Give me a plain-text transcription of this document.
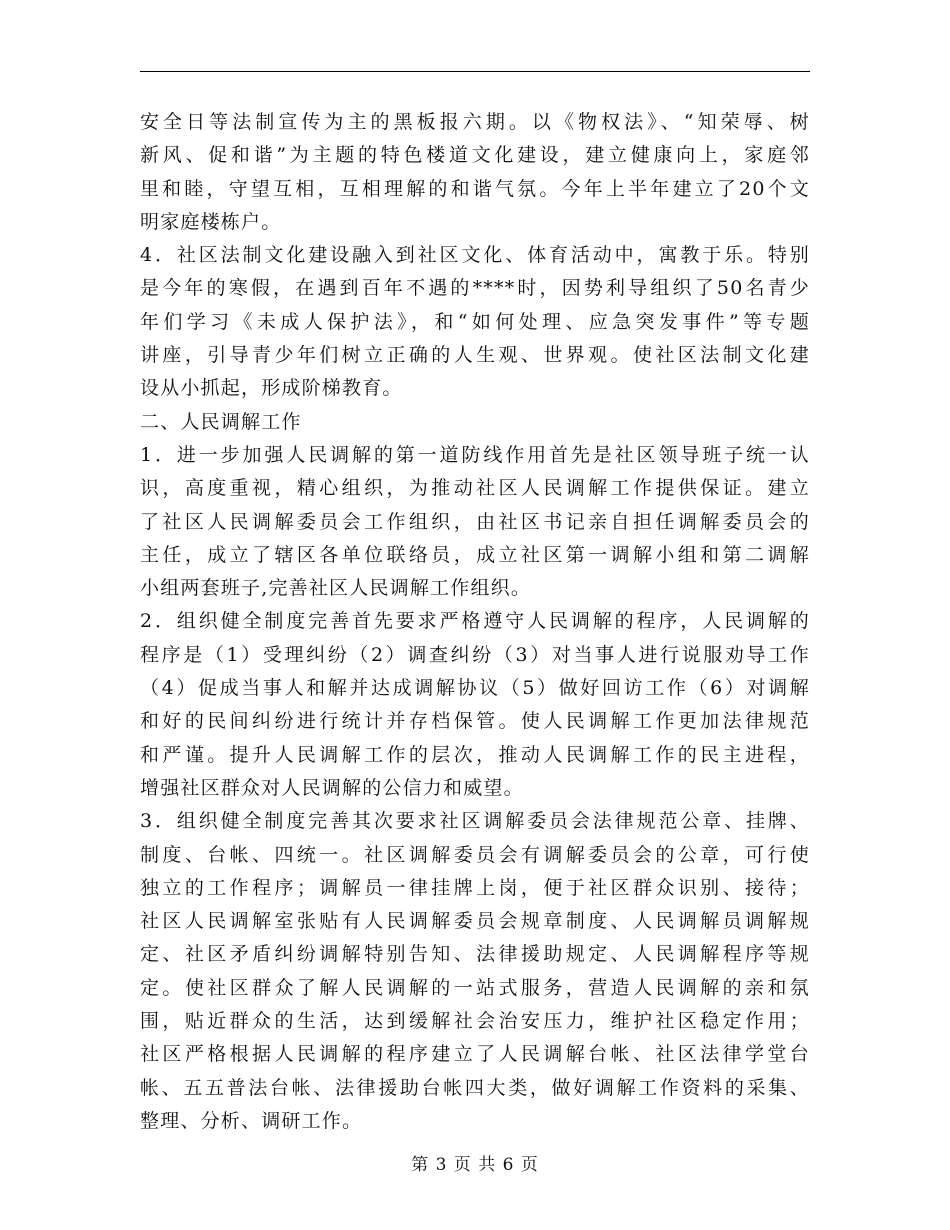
安全日等法制宣传为主的黑板报六期。以《物权法》、“知荣辱、树
新风、促和谐”为主题的特色楼道文化建设，建立健康向上，家庭邻
里和睦，守望互相，互相理解的和谐气氛。今年上半年建立了20个文
明家庭楼栋户。
4．社区法制文化建设融入到社区文化、体育活动中，寓教于乐。特别
是今年的寒假，在遇到百年不遇的****时，因势利导组织了50名青少
年们学习《未成人保护法》，和“如何处理、应急突发事件”等专题
讲座，引导青少年们树立正确的人生观、世界观。使社区法制文化建
设从小抓起，形成阶梯教育。
二、人民调解工作
1．进一步加强人民调解的第一道防线作用首先是社区领导班子统一认
识，高度重视，精心组织，为推动社区人民调解工作提供保证。建立
了社区人民调解委员会工作组织，由社区书记亲自担任调解委员会的
主任，成立了辖区各单位联络员，成立社区第一调解小组和第二调解
小组两套班子,完善社区人民调解工作组织。
2．组织健全制度完善首先要求严格遵守人民调解的程序，人民调解的
程序是（1）受理纠纷（2）调查纠纷（3）对当事人进行说服劝导工作
（4）促成当事人和解并达成调解协议（5）做好回访工作（6）对调解
和好的民间纠纷进行统计并存档保管。使人民调解工作更加法律规范
和严谨。提升人民调解工作的层次，推动人民调解工作的民主进程，
增强社区群众对人民调解的公信力和威望。
3．组织健全制度完善其次要求社区调解委员会法律规范公章、挂牌、
制度、台帐、四统一。社区调解委员会有调解委员会的公章，可行使
独立的工作程序；调解员一律挂牌上岗，便于社区群众识别、接待；
社区人民调解室张贴有人民调解委员会规章制度、人民调解员调解规
定、社区矛盾纠纷调解特别告知、法律援助规定、人民调解程序等规
定。使社区群众了解人民调解的一站式服务，营造人民调解的亲和氛
围，贴近群众的生活，达到缓解社会治安压力，维护社区稳定作用；
社区严格根据人民调解的程序建立了人民调解台帐、社区法律学堂台
帐、五五普法台帐、法律援助台帐四大类，做好调解工作资料的采集、
整理、分析、调研工作。
第 3 页 共 6 页
